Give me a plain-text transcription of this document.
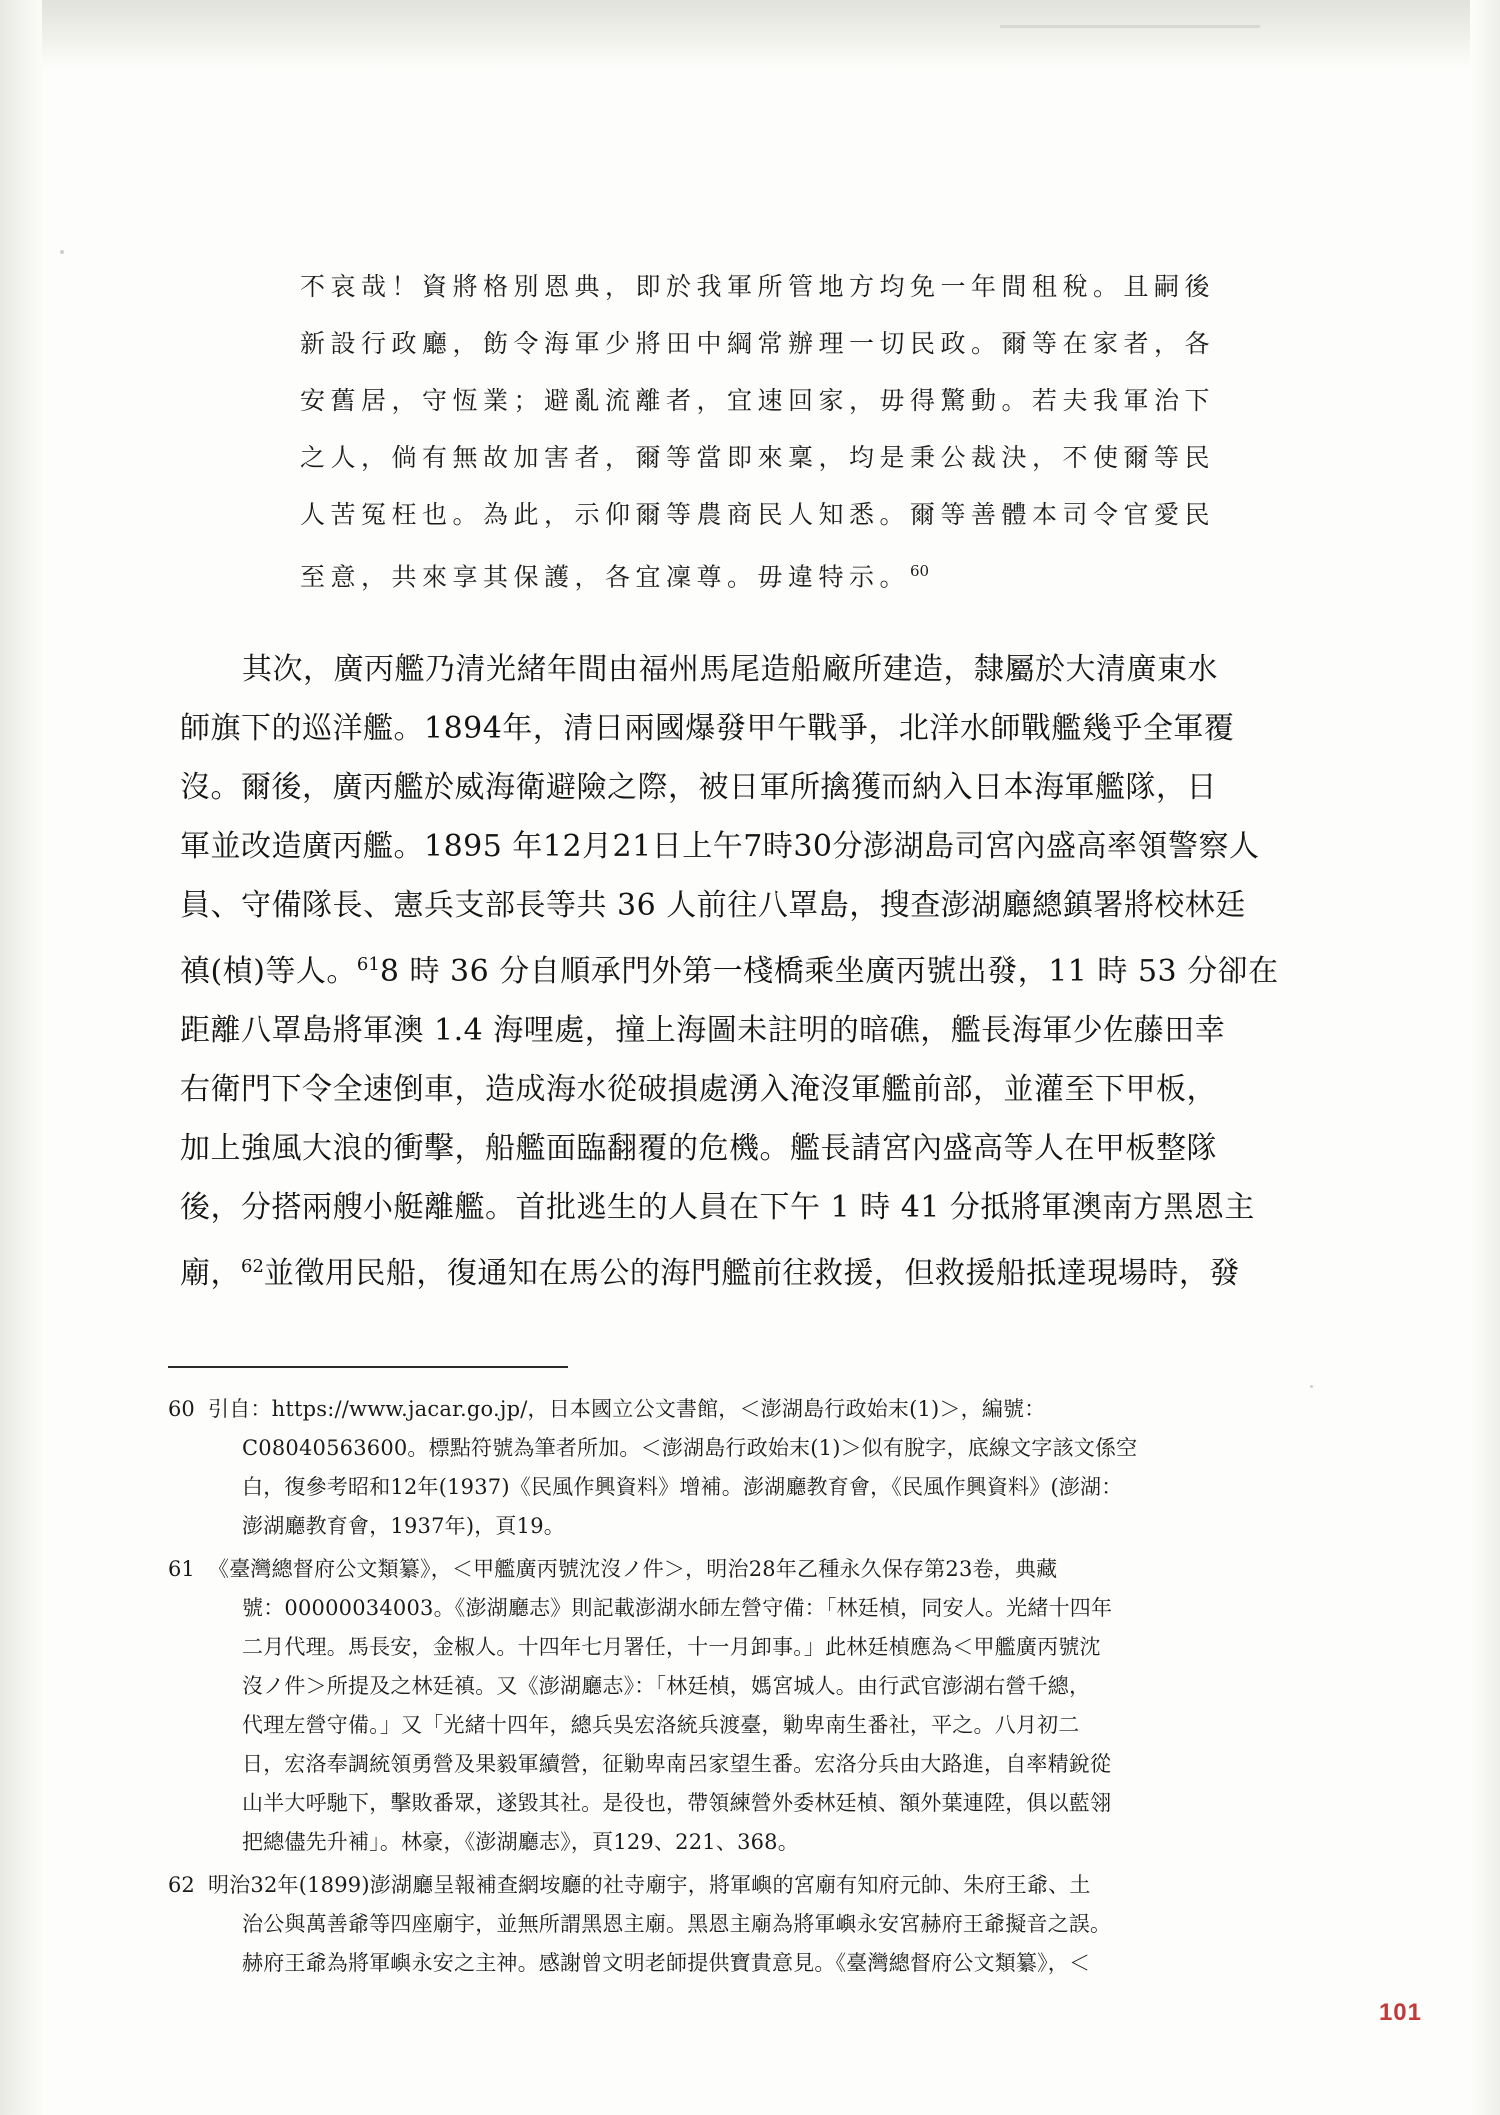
不哀哉！資將格別恩典，即於我軍所管地方均免一年間租稅。且嗣後
新設行政廳，飭令海軍少將田中綱常辦理一切民政。爾等在家者，各
安舊居，守恆業；避亂流離者，宜速回家，毋得驚動。若夫我軍治下
之人，倘有無故加害者，爾等當即來稟，均是秉公裁決，不使爾等民
人苦冤枉也。為此，示仰爾等農商民人知悉。爾等善體本司令官愛民
至意，共來享其保護，各宜凜尊。毋違特示。$^{60}$
其次，廣丙艦乃清光緒年間由福州馬尾造船廠所建造，隸屬於大清廣東水
師旗下的巡洋艦。1894年，清日兩國爆發甲午戰爭，北洋水師戰艦幾乎全軍覆
沒。爾後，廣丙艦於威海衛避險之際，被日軍所擒獲而納入日本海軍艦隊，日
軍並改造廣丙艦。1895 年12月21日上午7時30分澎湖島司宮內盛高率領警察人
員、守備隊長、憲兵支部長等共 36 人前往八罩島，搜查澎湖廳總鎮署將校林廷
禛(楨)等人。$^{61}$8 時 36 分自順承門外第一棧橋乘坐廣丙號出發，11 時 53 分卻在
距離八罩島將軍澳 1.4 海哩處，撞上海圖未註明的暗礁，艦長海軍少佐藤田幸
右衛門下令全速倒車，造成海水從破損處湧入淹沒軍艦前部，並灌至下甲板，
加上強風大浪的衝擊，船艦面臨翻覆的危機。艦長請宮內盛高等人在甲板整隊
後，分搭兩艘小艇離艦。首批逃生的人員在下午 1 時 41 分抵將軍澳南方黑恩主
廟，$^{62}$並徵用民船，復通知在馬公的海門艦前往救援，但救援船抵達現場時，發
60 引自：https://www.jacar.go.jp/，日本國立公文書館，＜澎湖島行政始末(1)＞，編號：
C08040563600。標點符號為筆者所加。＜澎湖島行政始末(1)＞似有脫字，底線文字該文係空
白，復參考昭和12年(1937)《民風作興資料》增補。澎湖廳教育會，《民風作興資料》(澎湖：
澎湖廳教育會，1937年)，頁19。
61 《臺灣總督府公文類纂》，＜甲艦廣丙號沈沒ノ件＞，明治28年乙種永久保存第23卷，典藏
號：00000034003。《澎湖廳志》則記載澎湖水師左營守備：「林廷楨，同安人。光緒十四年
二月代理。馬長安，金椒人。十四年七月署任，十一月卸事。」此林廷楨應為＜甲艦廣丙號沈
沒ノ件＞所提及之林廷禛。又《澎湖廳志》：「林廷楨，媽宮城人。由行武官澎湖右營千總，
代理左營守備。」又「光緒十四年，總兵吳宏洛統兵渡臺，勦卑南生番社，平之。八月初二
日，宏洛奉調統領勇營及果毅軍續營，征勦卑南呂家望生番。宏洛分兵由大路進，自率精銳從
山半大呼馳下，擊敗番眾，遂毀其社。是役也，帶領練營外委林廷楨、額外葉連陞，俱以藍翎
把總儘先升補」。林豪，《澎湖廳志》，頁129、221、368。
62 明治32年(1899)澎湖廳呈報補查網垵廳的社寺廟宇，將軍嶼的宮廟有知府元帥、朱府王爺、土
治公與萬善爺等四座廟宇，並無所謂黑恩主廟。黑恩主廟為將軍嶼永安宮赫府王爺擬音之誤。
赫府王爺為將軍嶼永安之主神。感謝曾文明老師提供寶貴意見。《臺灣總督府公文類纂》，＜
101
